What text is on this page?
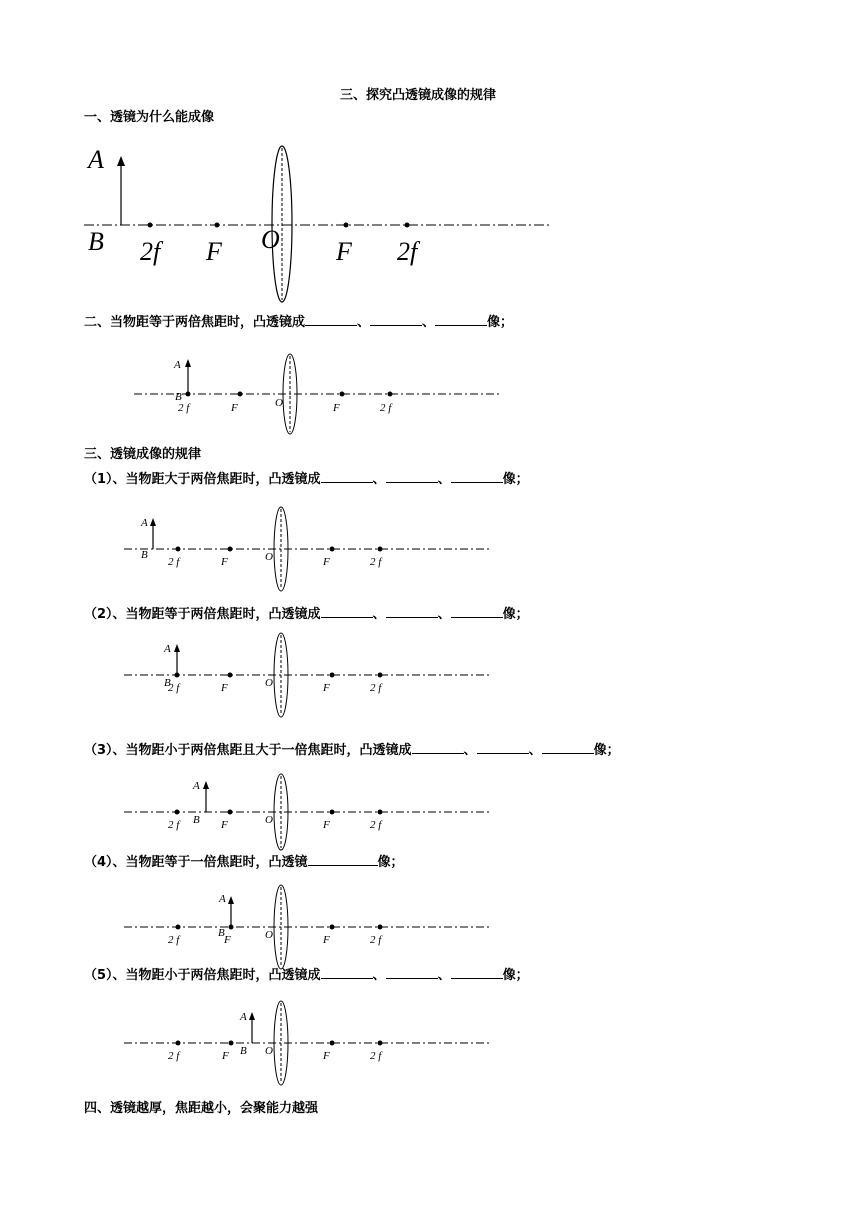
三、探究凸透镜成像的规律
一、透镜为什么能成像
A
B 2f F O F 2f
二、当物距等于两倍焦距时，凸透镜成	、	、	像；
A
B
2 f	F	O	F	2 f
三、透镜成像的规律
（1）、当物距大于两倍焦距时，凸透镜成	、	、	像；
A
B
2 f	F	O	F	2 f
（2）、当物距等于两倍焦距时，凸透镜成	、	、	像；
A
B
2 f	F	O	F	2 f
（3）、当物距小于两倍焦距且大于一倍焦距时，凸透镜成	、	、	像；
A
B
2 f	F	O	F	2 f
（4）、当物距等于一倍焦距时，凸透镜	像；
A
B
2 f	F	O	F	2 f
（5）、当物距小于两倍焦距时，凸透镜成	、	、	像；
A
B
2 f	F	O	F	2 f
四、透镜越厚，焦距越小，会聚能力越强
